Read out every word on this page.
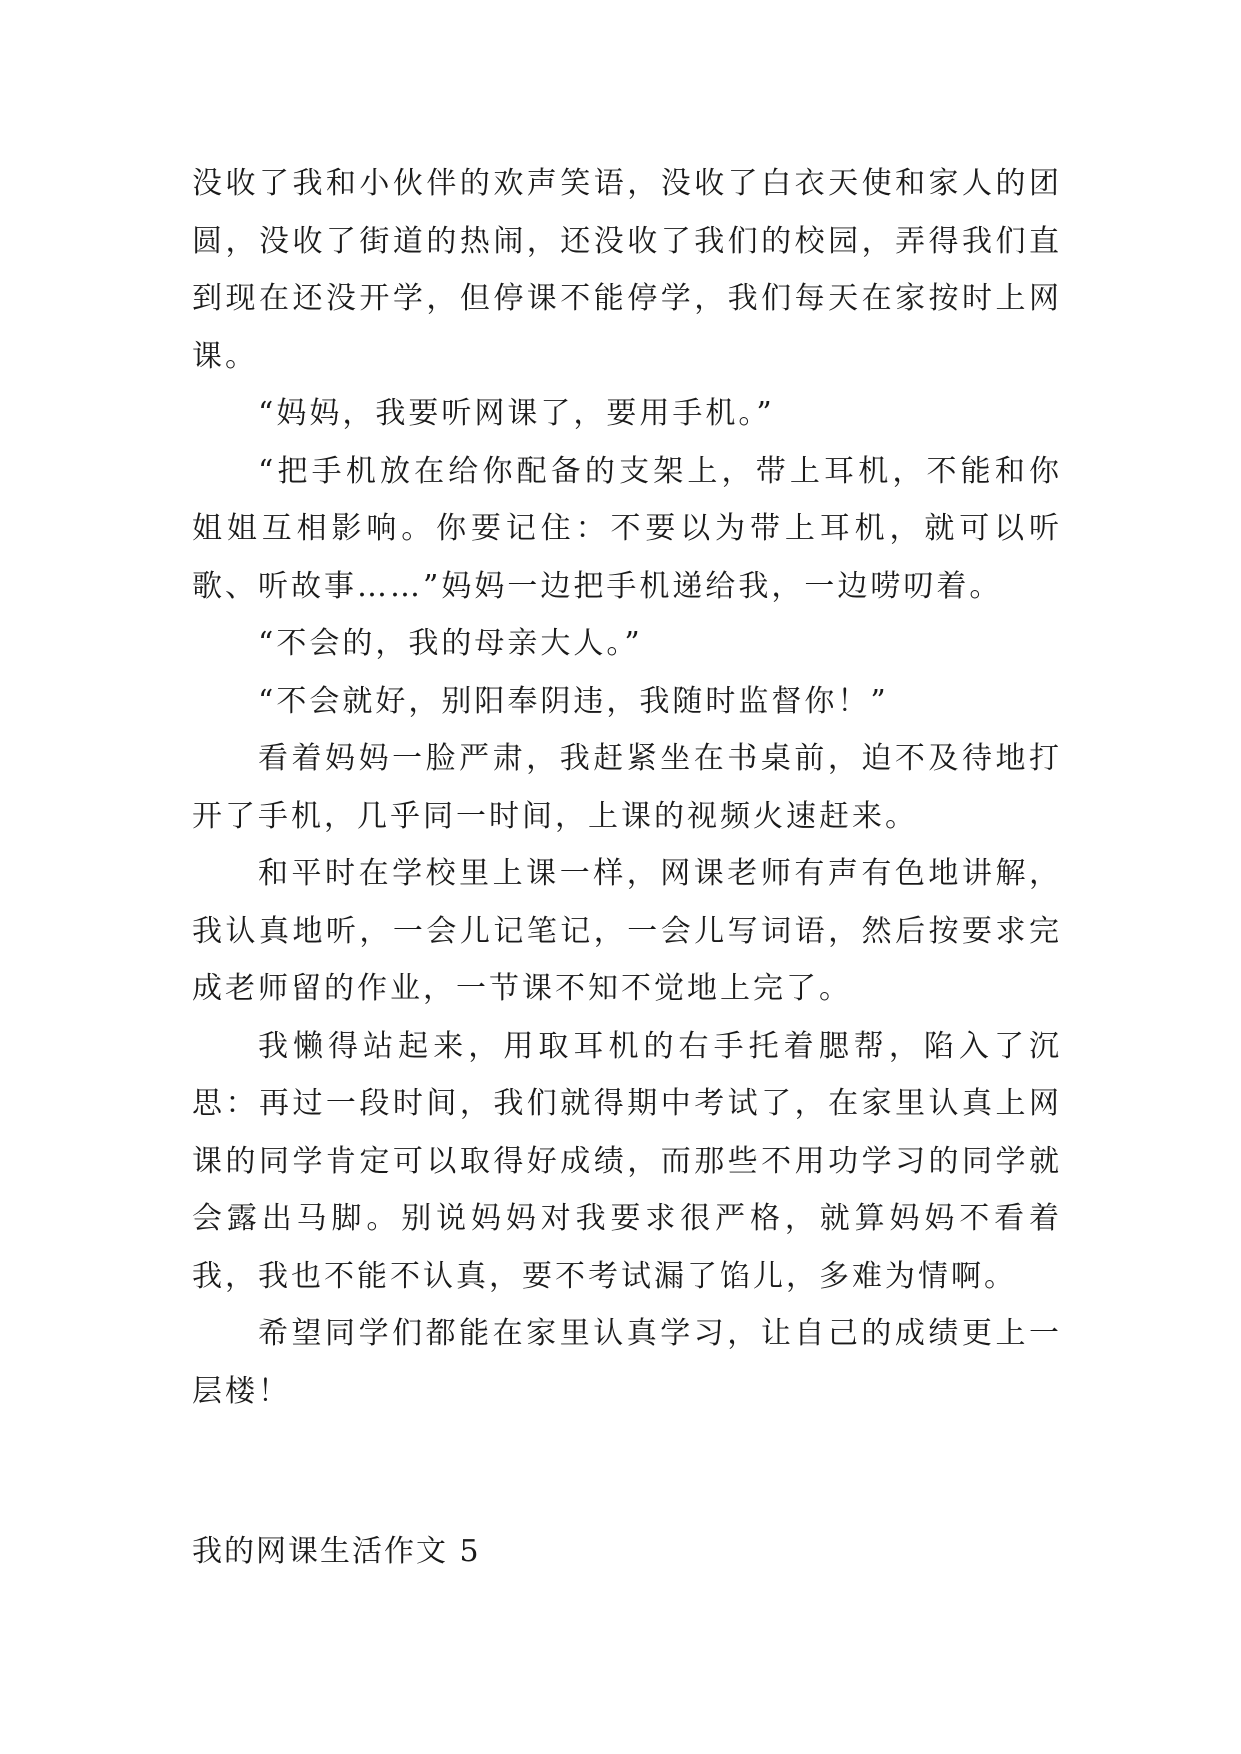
没收了我和小伙伴的欢声笑语，没收了白衣天使和家人的团圆，没收了街道的热闹，还没收了我们的校园，弄得我们直到现在还没开学，但停课不能停学，我们每天在家按时上网课。

“妈妈，我要听网课了，要用手机。”

“把手机放在给你配备的支架上，带上耳机，不能和你姐姐互相影响。你要记住：不要以为带上耳机，就可以听歌、听故事……”妈妈一边把手机递给我，一边唠叨着。

“不会的，我的母亲大人。”

“不会就好，别阳奉阴违，我随时监督你！”

看着妈妈一脸严肃，我赶紧坐在书桌前，迫不及待地打开了手机，几乎同一时间，上课的视频火速赶来。

和平时在学校里上课一样，网课老师有声有色地讲解，我认真地听，一会儿记笔记，一会儿写词语，然后按要求完成老师留的作业，一节课不知不觉地上完了。

我懒得站起来，用取耳机的右手托着腮帮，陷入了沉思：再过一段时间，我们就得期中考试了，在家里认真上网课的同学肯定可以取得好成绩，而那些不用功学习的同学就会露出马脚。别说妈妈对我要求很严格，就算妈妈不看着我，我也不能不认真，要不考试漏了馅儿，多难为情啊。

希望同学们都能在家里认真学习，让自己的成绩更上一层楼！

我的网课生活作文 5
